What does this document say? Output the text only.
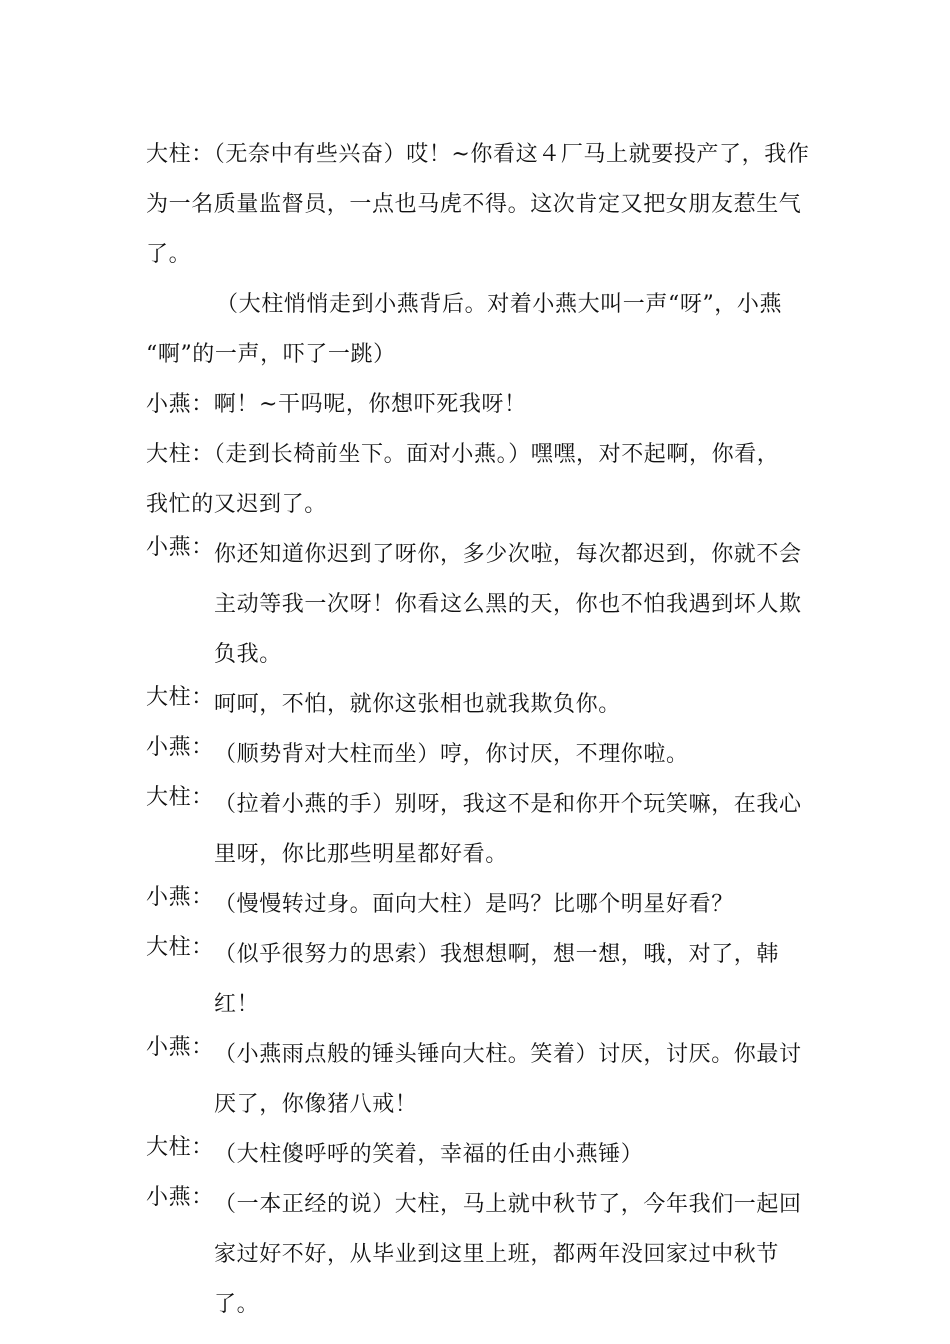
大柱：（无奈中有些兴奋）哎！~你看这４厂马上就要投产了，我作
为一名质量监督员，一点也马虎不得。这次肯定又把女朋友惹生气
了。
（大柱悄悄走到小燕背后。对着小燕大叫一声“呀”，小燕
“啊”的一声，吓了一跳）
小燕：啊！~干吗呢，你想吓死我呀！
大柱：（走到长椅前坐下。面对小燕。）嘿嘿，对不起啊，你看，
我忙的又迟到了。
小燕： 你还知道你迟到了呀你，多少次啦，每次都迟到，你就不会主动等我一次呀！你看这么黑的天，你也不怕我遇到坏人欺负我。
大柱： 呵呵，不怕，就你这张相也就我欺负你。
小燕： （顺势背对大柱而坐）哼，你讨厌，不理你啦。
大柱： （拉着小燕的手）别呀，我这不是和你开个玩笑嘛，在我心里呀，你比那些明星都好看。
小燕： （慢慢转过身。面向大柱）是吗？比哪个明星好看？
大柱： （似乎很努力的思索）我想想啊，想一想，哦，对了，韩红！
小燕： （小燕雨点般的锤头锤向大柱。笑着）讨厌，讨厌。你最讨厌了，你像猪八戒！
大柱： （大柱傻呼呼的笑着，幸福的任由小燕锤）
小燕： （一本正经的说）大柱，马上就中秋节了，今年我们一起回家过好不好，从毕业到这里上班，都两年没回家过中秋节了。
